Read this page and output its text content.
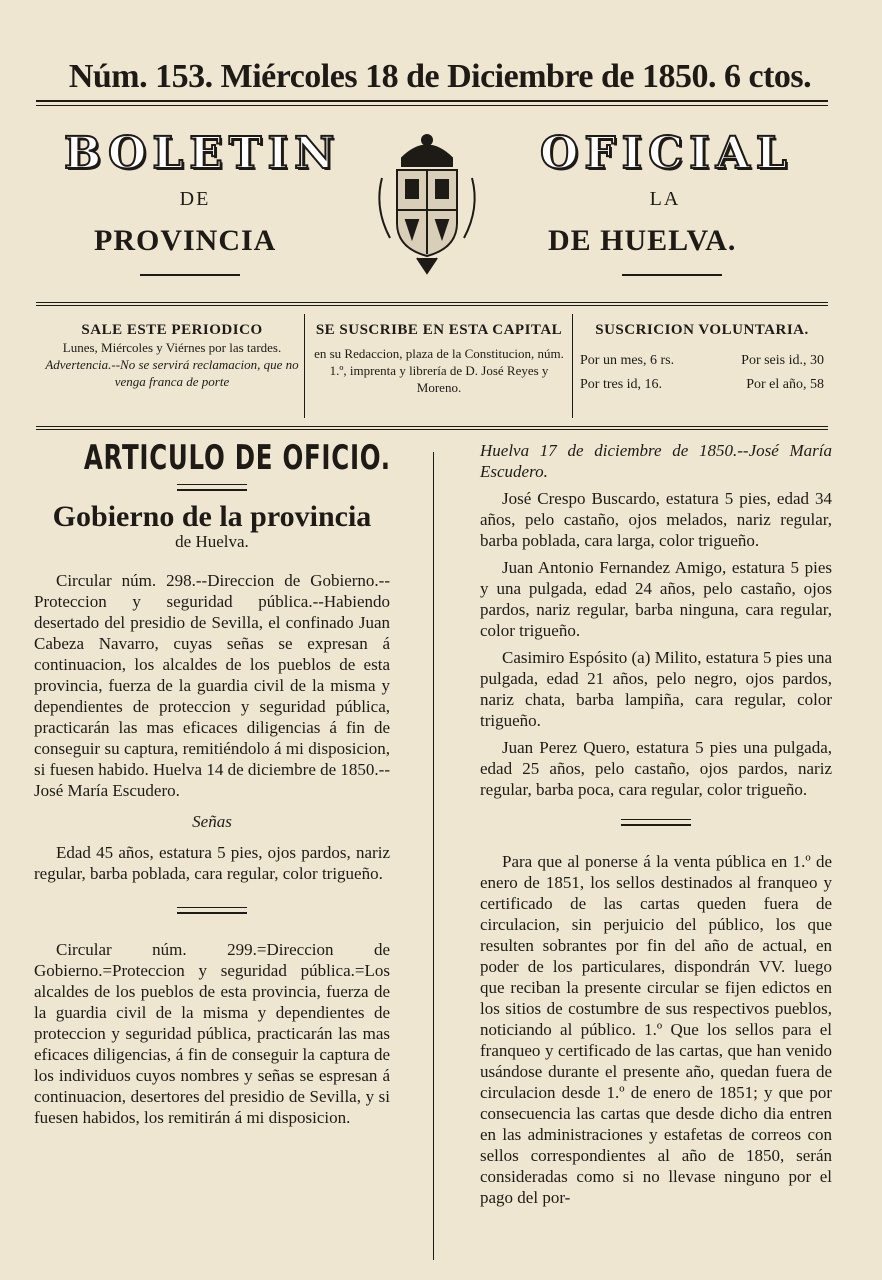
Núm. 153. Miércoles 18 de Diciembre de 1850. 6 ctos.
BOLETIN	OFICIAL
DE	LA
PROVINCIA	DE HUELVA.
SALE ESTE PERIODICO
Lunes, Miércoles y Viérnes por las tardes.
Advertencia.--No se servirá reclamacion, que no venga franca de porte
SE SUSCRIBE EN ESTA CAPITAL
en su Redaccion, plaza de la Constitucion, núm. 1.º, imprenta y librería de D. José Reyes y Moreno.
SUSCRICION VOLUNTARIA.
Por un mes, 6 rs.	Por seis id., 30
Por tres id, 16.	Por el año, 58
ARTICULO DE OFICIO.
Gobierno de la provincia
de Huelva.

Circular núm. 298.--Direccion de Gobierno.--Proteccion y seguridad pública.--Habiendo desertado del presidio de Sevilla, el confinado Juan Cabeza Navarro, cuyas señas se expresan á continuacion, los alcaldes de los pueblos de esta provincia, fuerza de la guardia civil de la misma y dependientes de proteccion y seguridad pública, practicarán las mas eficaces diligencias á fin de conseguir su captura, remitiéndolo á mi disposicion, si fuesen habido. Huelva 14 de diciembre de 1850.--José María Escudero.

Señas

Edad 45 años, estatura 5 pies, ojos pardos, nariz regular, barba poblada, cara regular, color trigueño.

Circular núm. 299.=Direccion de Gobierno.=Proteccion y seguridad pública.=Los alcaldes de los pueblos de esta provincia, fuerza de la guardia civil de la misma y dependientes de proteccion y seguridad pública, practicarán las mas eficaces diligencias, á fin de conseguir la captura de los individuos cuyos nombres y señas se espresan á continuacion, desertores del presidio de Sevilla, y si fuesen habidos, los remitirán á mi disposicion.

Huelva 17 de diciembre de 1850.--José María Escudero.

José Crespo Buscardo, estatura 5 pies, edad 34 años, pelo castaño, ojos melados, nariz regular, barba poblada, cara larga, color trigueño.

Juan Antonio Fernandez Amigo, estatura 5 pies y una pulgada, edad 24 años, pelo castaño, ojos pardos, nariz regular, barba ninguna, cara regular, color trigueño.

Casimiro Espósito (a) Milito, estatura 5 pies una pulgada, edad 21 años, pelo negro, ojos pardos, nariz chata, barba lampiña, cara regular, color trigueño.

Juan Perez Quero, estatura 5 pies una pulgada, edad 25 años, pelo castaño, ojos pardos, nariz regular, barba poca, cara regular, color trigueño.

Para que al ponerse á la venta pública en 1.º de enero de 1851, los sellos destinados al franqueo y certificado de las cartas queden fuera de circulacion, sin perjuicio del público, los que resulten sobrantes por fin del año de actual, en poder de los particulares, dispondrán VV. luego que reciban la presente circular se fijen edictos en los sitios de costumbre de sus respectivos pueblos, noticiando al público. 1.º Que los sellos para el franqueo y certificado de las cartas, que han venido usándose durante el presente año, quedan fuera de circulacion desde 1.º de enero de 1851; y que por consecuencia las cartas que desde dicho dia entren en las administraciones y estafetas de correos con sellos correspondientes al año de 1850, serán consideradas como si no llevase ninguno por el pago del por-
